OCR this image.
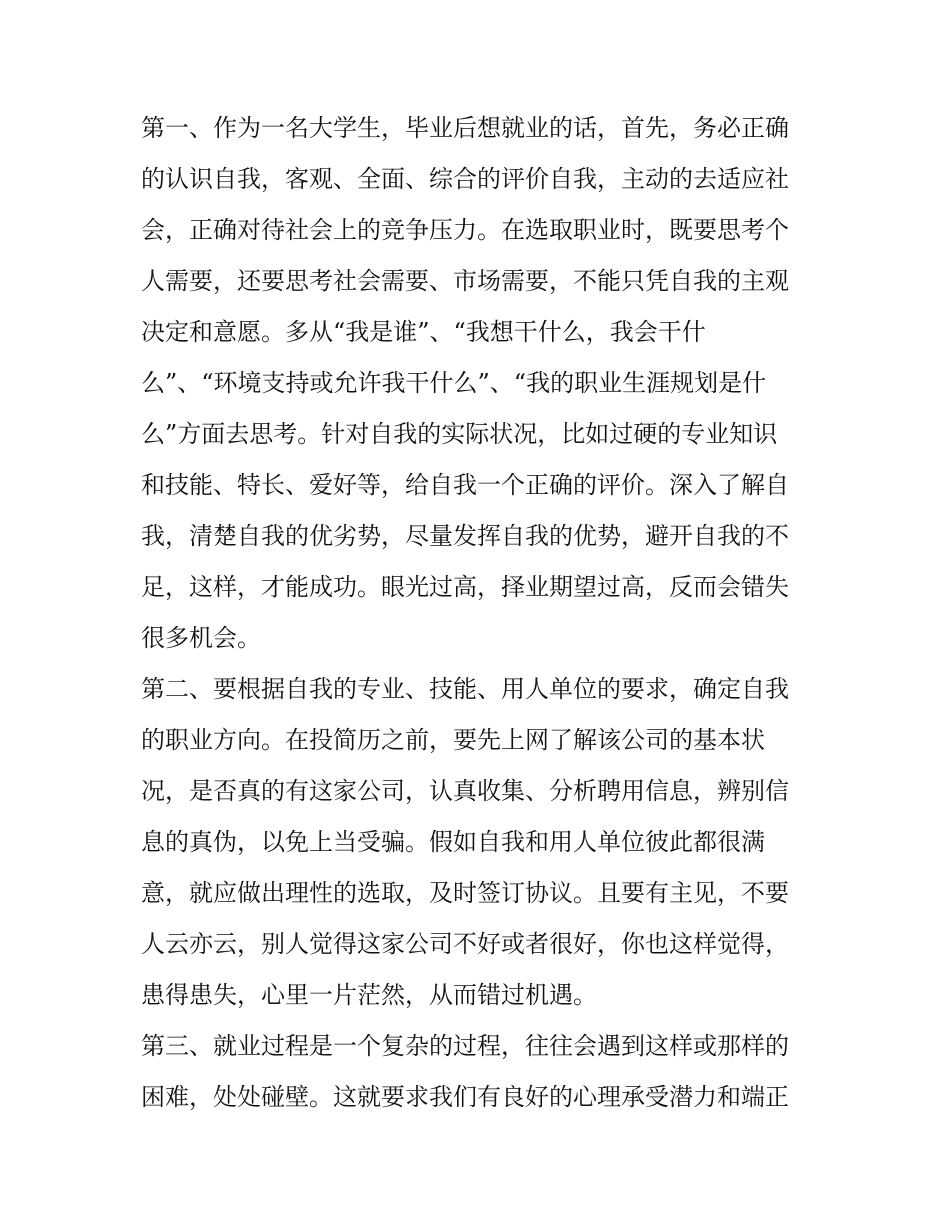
第一、作为一名大学生，毕业后想就业的话，首先，务必正确
的认识自我，客观、全面、综合的评价自我，主动的去适应社
会，正确对待社会上的竞争压力。在选取职业时，既要思考个
人需要，还要思考社会需要、市场需要，不能只凭自我的主观
决定和意愿。多从“我是谁”、“我想干什么，我会干什
么”、“环境支持或允许我干什么”、“我的职业生涯规划是什
么”方面去思考。针对自我的实际状况，比如过硬的专业知识
和技能、特长、爱好等，给自我一个正确的评价。深入了解自
我，清楚自我的优劣势，尽量发挥自我的优势，避开自我的不
足，这样，才能成功。眼光过高，择业期望过高，反而会错失
很多机会。
第二、要根据自我的专业、技能、用人单位的要求，确定自我
的职业方向。在投简历之前，要先上网了解该公司的基本状
况，是否真的有这家公司，认真收集、分析聘用信息，辨别信
息的真伪，以免上当受骗。假如自我和用人单位彼此都很满
意，就应做出理性的选取，及时签订协议。且要有主见，不要
人云亦云，别人觉得这家公司不好或者很好，你也这样觉得，
患得患失，心里一片茫然，从而错过机遇。
第三、就业过程是一个复杂的过程，往往会遇到这样或那样的
困难，处处碰壁。这就要求我们有良好的心理承受潜力和端正
